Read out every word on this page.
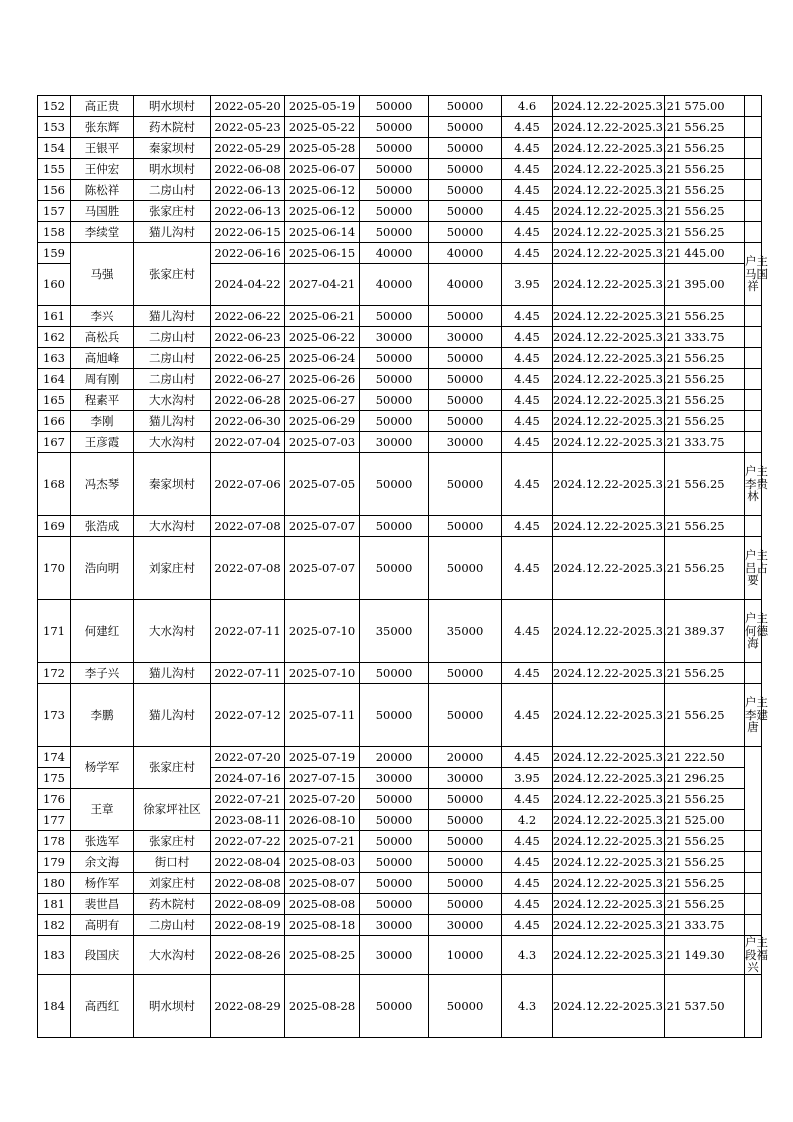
152	高正贵	明水坝村	2022-05-20	2025-05-19	50000	50000	4.6	2024.12.22-2025.3.21	575.00	
153	张东辉	药木院村	2022-05-23	2025-05-22	50000	50000	4.45	2024.12.22-2025.3.21	556.25	
154	王银平	秦家坝村	2022-05-29	2025-05-28	50000	50000	4.45	2024.12.22-2025.3.21	556.25	
155	王仲宏	明水坝村	2022-06-08	2025-06-07	50000	50000	4.45	2024.12.22-2025.3.21	556.25	
156	陈松祥	二房山村	2022-06-13	2025-06-12	50000	50000	4.45	2024.12.22-2025.3.21	556.25	
157	马国胜	张家庄村	2022-06-13	2025-06-12	50000	50000	4.45	2024.12.22-2025.3.21	556.25	
158	李续堂	猫儿沟村	2022-06-15	2025-06-14	50000	50000	4.45	2024.12.22-2025.3.21	556.25	
159	马强	张家庄村	2022-06-16	2025-06-15	40000	40000	4.45	2024.12.22-2025.3.21	445.00	户主
马国
祥

160			2024-04-22	2027-04-21	40000	40000	3.95	2024.12.22-2025.3.21	395.00	
161	李兴	猫儿沟村	2022-06-22	2025-06-21	50000	50000	4.45	2024.12.22-2025.3.21	556.25	
162	高松兵	二房山村	2022-06-23	2025-06-22	30000	30000	4.45	2024.12.22-2025.3.21	333.75	
163	高旭峰	二房山村	2022-06-25	2025-06-24	50000	50000	4.45	2024.12.22-2025.3.21	556.25	
164	周有刚	二房山村	2022-06-27	2025-06-26	50000	50000	4.45	2024.12.22-2025.3.21	556.25	
165	程素平	大水沟村	2022-06-28	2025-06-27	50000	50000	4.45	2024.12.22-2025.3.21	556.25	
166	李刚	猫儿沟村	2022-06-30	2025-06-29	50000	50000	4.45	2024.12.22-2025.3.21	556.25	
167	王彦霞	大水沟村	2022-07-04	2025-07-03	30000	30000	4.45	2024.12.22-2025.3.21	333.75	
168	冯杰琴	秦家坝村	2022-07-06	2025-07-05	50000	50000	4.45	2024.12.22-2025.3.21	556.25	户主
李贵
林

169	张浩成	大水沟村	2022-07-08	2025-07-07	50000	50000	4.45	2024.12.22-2025.3.21	556.25	
170	浩向明	刘家庄村	2022-07-08	2025-07-07	50000	50000	4.45	2024.12.22-2025.3.21	556.25	户主
吕占
要

171	何建红	大水沟村	2022-07-11	2025-07-10	35000	35000	4.45	2024.12.22-2025.3.21	389.37	户主
何德
海

172	李子兴	猫儿沟村	2022-07-11	2025-07-10	50000	50000	4.45	2024.12.22-2025.3.21	556.25	
173	李鹏	猫儿沟村	2022-07-12	2025-07-11	50000	50000	4.45	2024.12.22-2025.3.21	556.25	户主
李建
唐

174	杨学军	张家庄村	2022-07-20	2025-07-19	20000	20000	4.45	2024.12.22-2025.3.21	222.50	
175			2024-07-16	2027-07-15	30000	30000	3.95	2024.12.22-2025.3.21	296.25	
176	王章	徐家坪社区	2022-07-21	2025-07-20	50000	50000	4.45	2024.12.22-2025.3.21	556.25	
177			2023-08-11	2026-08-10	50000	50000	4.2	2024.12.22-2025.3.21	525.00	
178	张选军	张家庄村	2022-07-22	2025-07-21	50000	50000	4.45	2024.12.22-2025.3.21	556.25	
179	余文海	街口村	2022-08-04	2025-08-03	50000	50000	4.45	2024.12.22-2025.3.21	556.25	
180	杨作军	刘家庄村	2022-08-08	2025-08-07	50000	50000	4.45	2024.12.22-2025.3.21	556.25	
181	裴世昌	药木院村	2022-08-09	2025-08-08	50000	50000	4.45	2024.12.22-2025.3.21	556.25	
182	高明有	二房山村	2022-08-19	2025-08-18	30000	30000	4.45	2024.12.22-2025.3.21	333.75	
183	段国庆	大水沟村	2022-08-26	2025-08-25	30000	10000	4.3	2024.12.22-2025.3.21	149.30	户主
段福
兴

184	高西红	明水坝村	2022-08-29	2025-08-28	50000	50000	4.3	2024.12.22-2025.3.21	537.50	
